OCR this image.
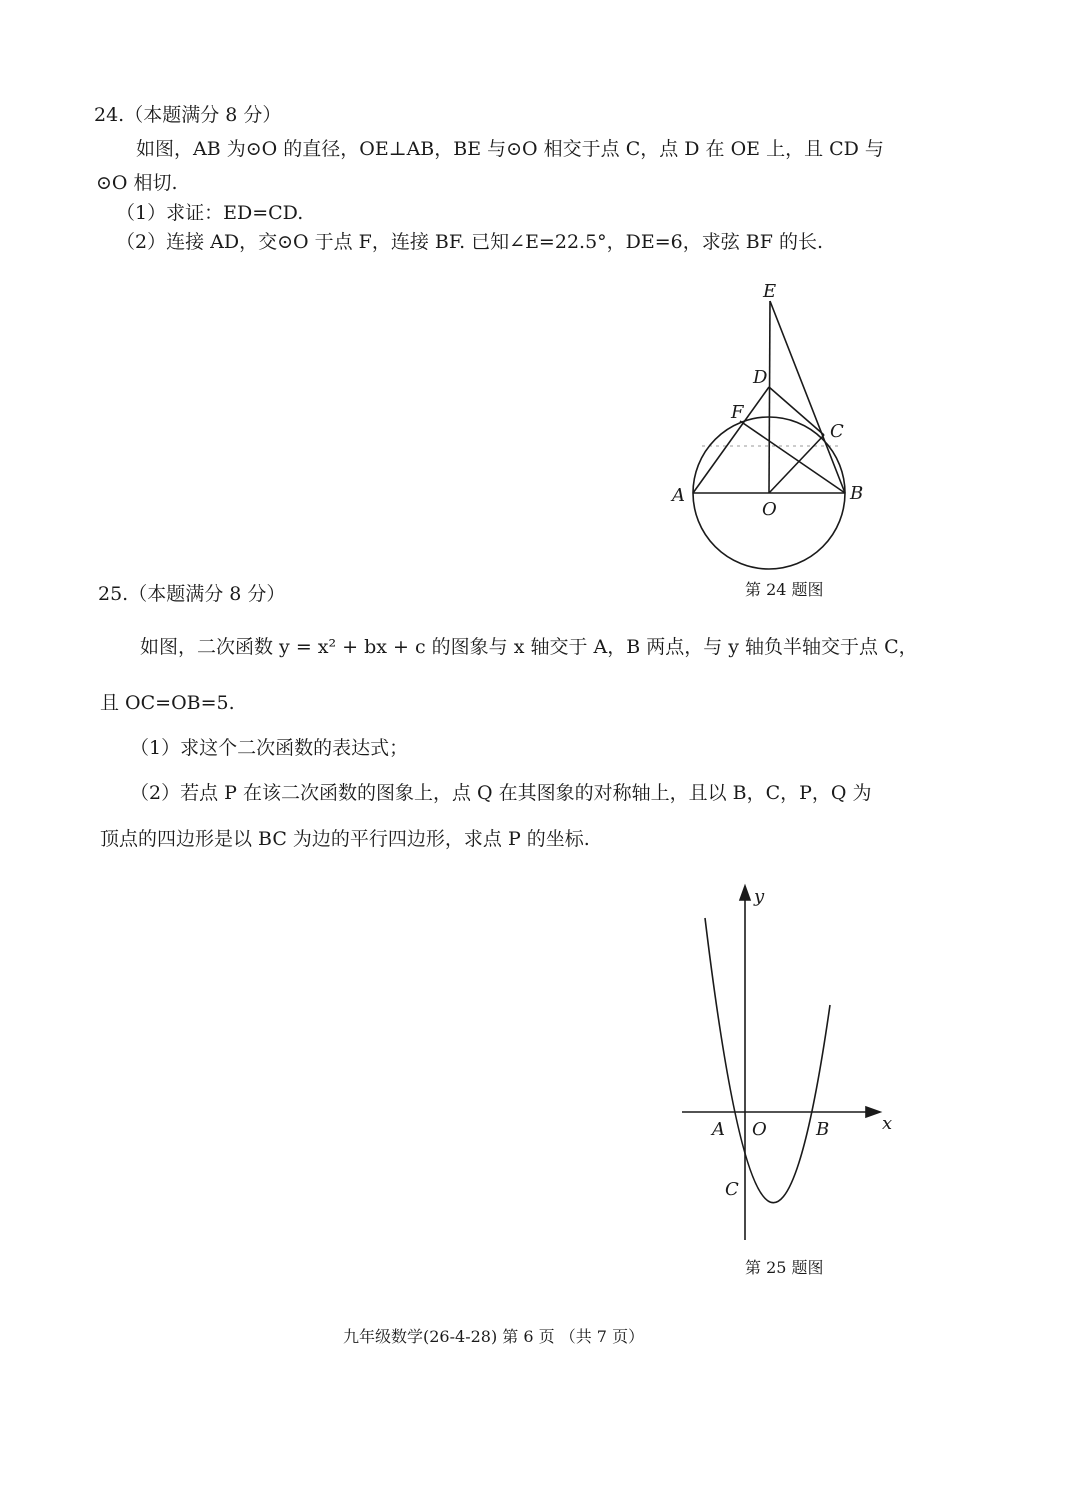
24.（本题满分 8 分）
如图，AB 为⊙O 的直径，OE⊥AB，BE 与⊙O 相交于点 C，点 D 在 OE 上，且 CD 与
⊙O 相切.
（1）求证：ED=CD.
（2）连接 AD，交⊙O 于点 F，连接 BF. 已知∠E=22.5°，DE=6，求弦 BF 的长.
E
D
F
C
A
O
B
第 24 题图
25.（本题满分 8 分）
如图，二次函数 y = x² + bx + c 的图象与 x 轴交于 A，B 两点，与 y 轴负半轴交于点 C，
且 OC=OB=5.
（1）求这个二次函数的表达式；
（2）若点 P 在该二次函数的图象上，点 Q 在其图象的对称轴上，且以 B，C，P，Q 为
顶点的四边形是以 BC 为边的平行四边形，求点 P 的坐标.
y
x
A O	B
C
第 25 题图
九年级数学(26-4-28) 第 6 页 （共 7 页）
